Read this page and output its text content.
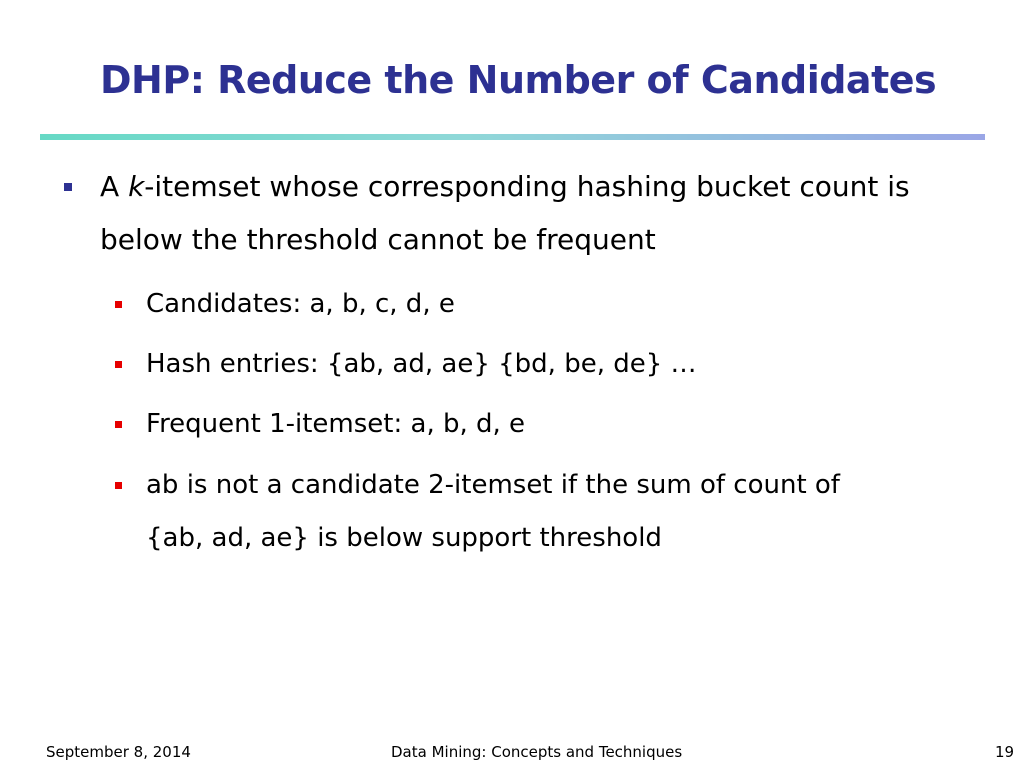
DHP: Reduce the Number of Candidates
A k-itemset whose corresponding hashing bucket count is
below the threshold cannot be frequent
Candidates: a, b, c, d, e
Hash entries: {ab, ad, ae} {bd, be, de} …
Frequent 1-itemset: a, b, d, e
ab is not a candidate 2-itemset if the sum of count of
{ab, ad, ae} is below support threshold
September 8, 2014	Data Mining: Concepts and Techniques	19
